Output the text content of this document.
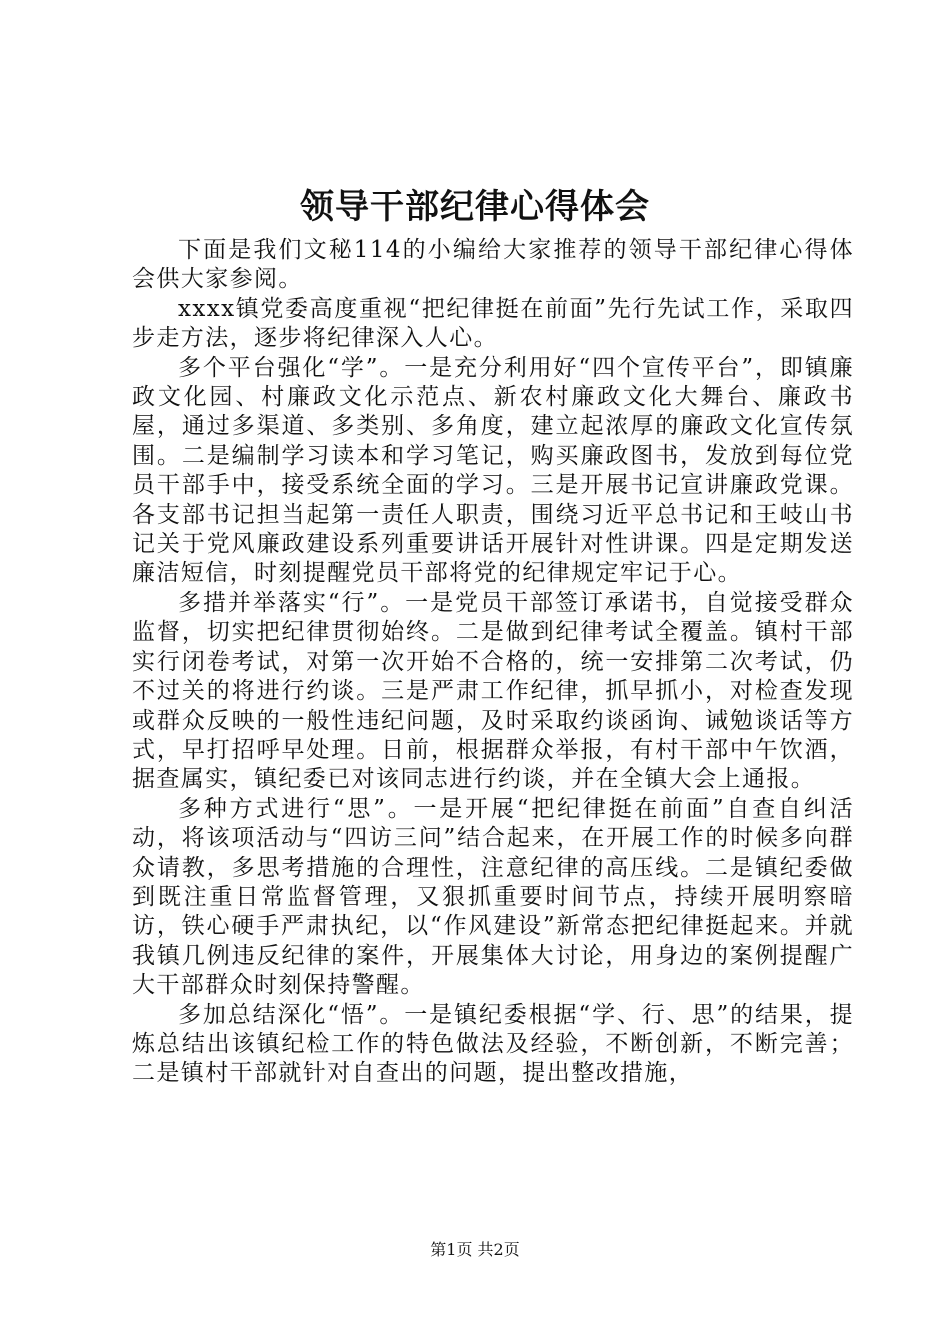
领导干部纪律心得体会

下面是我们文秘114的小编给大家推荐的领导干部纪律心得体会供大家参阅。

xxxx镇党委高度重视“把纪律挺在前面”先行先试工作，采取四步走方法，逐步将纪律深入人心。

多个平台强化“学”。一是充分利用好“四个宣传平台”，即镇廉政文化园、村廉政文化示范点、新农村廉政文化大舞台、廉政书屋，通过多渠道、多类别、多角度，建立起浓厚的廉政文化宣传氛围。二是编制学习读本和学习笔记，购买廉政图书，发放到每位党员干部手中，接受系统全面的学习。三是开展书记宣讲廉政党课。各支部书记担当起第一责任人职责，围绕习近平总书记和王岐山书记关于党风廉政建设系列重要讲话开展针对性讲课。四是定期发送廉洁短信，时刻提醒党员干部将党的纪律规定牢记于心。

多措并举落实“行”。一是党员干部签订承诺书，自觉接受群众监督，切实把纪律贯彻始终。二是做到纪律考试全覆盖。镇村干部实行闭卷考试，对第一次开始不合格的，统一安排第二次考试，仍不过关的将进行约谈。三是严肃工作纪律，抓早抓小，对检查发现或群众反映的一般性违纪问题，及时采取约谈函询、诫勉谈话等方式，早打招呼早处理。日前，根据群众举报，有村干部中午饮酒，据查属实，镇纪委已对该同志进行约谈，并在全镇大会上通报。

多种方式进行“思”。一是开展“把纪律挺在前面”自查自纠活动，将该项活动与“四访三问”结合起来，在开展工作的时候多向群众请教，多思考措施的合理性，注意纪律的高压线。二是镇纪委做到既注重日常监督管理，又狠抓重要时间节点，持续开展明察暗访，铁心硬手严肃执纪，以“作风建设”新常态把纪律挺起来。并就我镇几例违反纪律的案件，开展集体大讨论，用身边的案例提醒广大干部群众时刻保持警醒。

多加总结深化“悟”。一是镇纪委根据“学、行、思”的结果，提炼总结出该镇纪检工作的特色做法及经验，不断创新，不断完善；二是镇村干部就针对自查出的问题，提出整改措施，

第1页 共2页
